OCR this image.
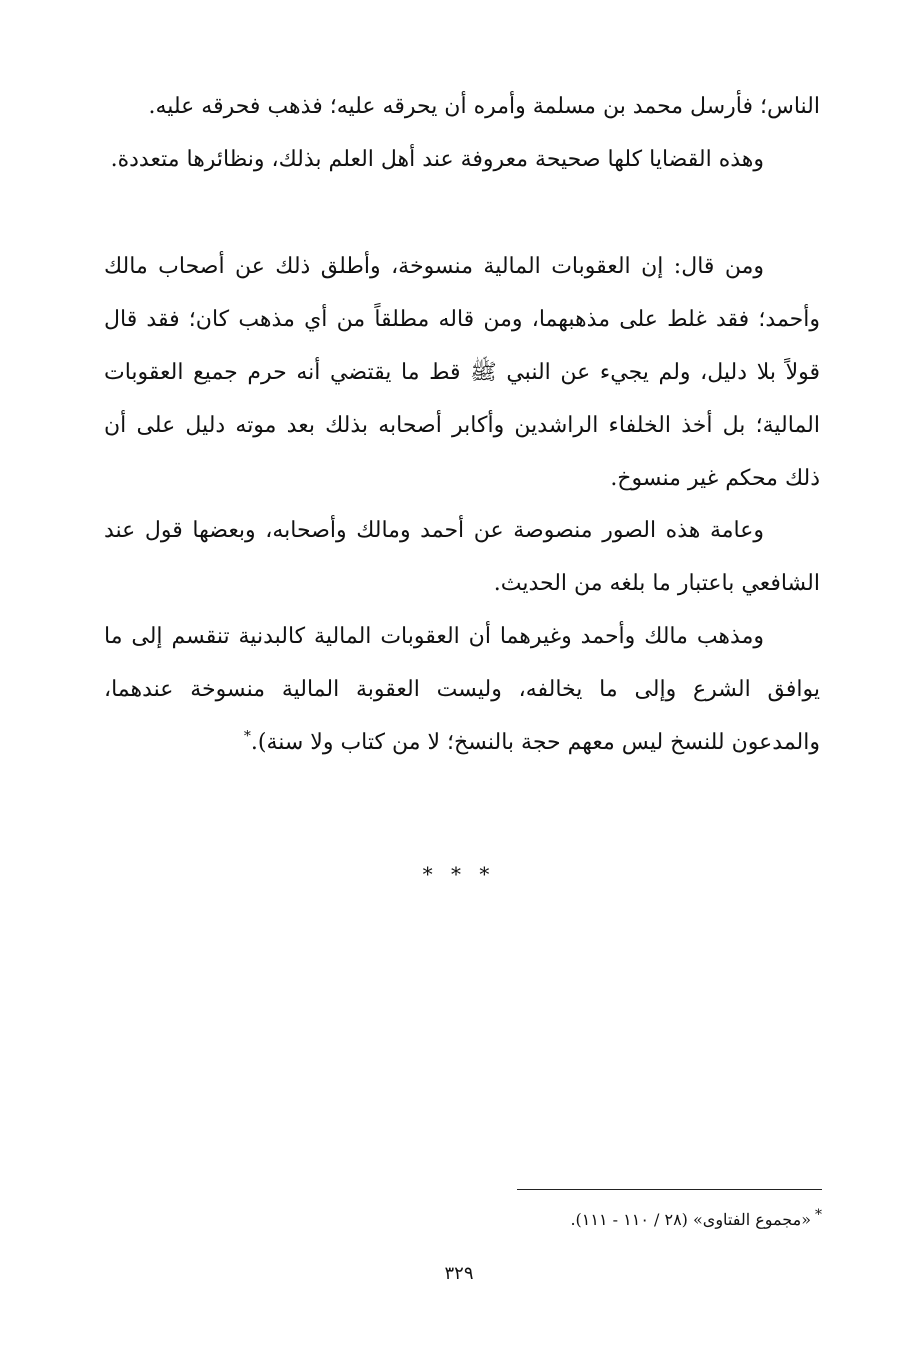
الناس؛ فأرسل محمد بن مسلمة وأمره أن يحرقه عليه؛ فذهب فحرقه عليه.

وهذه القضايا كلها صحيحة معروفة عند أهل العلم بذلك، ونظائرها متعددة.

ومن قال: إن العقوبات المالية منسوخة، وأطلق ذلك عن أصحاب مالك وأحمد؛ فقد غلط على مذهبهما، ومن قاله مطلقاً من أي مذهب كان؛ فقد قال قولاً بلا دليل، ولم يجيء عن النبي ﷺ قط ما يقتضي أنه حرم جميع العقوبات المالية؛ بل أخذ الخلفاء الراشدين وأكابر أصحابه بذلك بعد موته دليل على أن ذلك محكم غير منسوخ.

وعامة هذه الصور منصوصة عن أحمد ومالك وأصحابه، وبعضها قول عند الشافعي باعتبار ما بلغه من الحديث.

ومذهب مالك وأحمد وغيرهما أن العقوبات المالية كالبدنية تنقسم إلى ما يوافق الشرع وإلى ما يخالفه، وليست العقوبة المالية منسوخة عندهما، والمدعون للنسخ ليس معهم حجة بالنسخ؛ لا من كتاب ولا سنة).*

* * *
*«مجموع الفتاوى» (٢٨ / ١١٠ - ١١١).
٣٢٩
